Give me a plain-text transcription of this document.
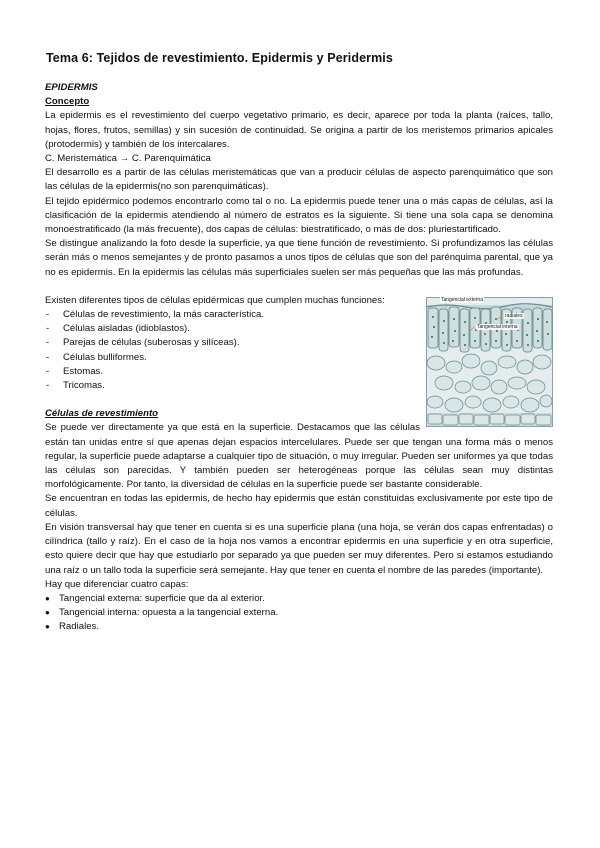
Tema 6: Tejidos de revestimiento. Epidermis y Peridermis

EPIDERMIS

Concepto

La epidermis es el revestimiento del cuerpo vegetativo primario, es decir, aparece por toda la planta (raíces, tallo, hojas, flores, frutos, semillas) y sin sucesión de continuidad. Se origina a partir de los meristemos primarios apicales (protodermis) y también de los intercalares.

C. Meristemática → C. Parenquimática

El desarrollo es a partir de las células meristemáticas que van a producir células de aspecto parenquimático que son las células de la epidermis(no son parenquimáticas).

El tejido epidérmico podemos encontrarlo como tal o no. La epidermis puede tener una o más capas de células, así la clasificación de la epidermis atendiendo al número de estratos es la siguiente. Si tiene una sola capa se denomina monoestratificado (la más frecuente), dos capas de células: biestratificado, o más de dos: pluriestartificado.

Se distingue analizando la foto desde la superficie, ya que tiene función de revestimiento. Si profundizamos las células serán más o menos semejantes y de pronto pasamos a unos tipos de células que son del parénquima parental, que ya no es epidermis. En la epidermis las células más superficiales suelen ser más pequeñas que las más profundas.

Tangencial externa
radiales
Tangencial interna

Existen diferentes tipos de células epidérmicas que cumplen muchas funciones:

- Células de revestimiento, la más característica.
- Células aisladas (idioblastos).
- Parejas de células (suberosas y silíceas).
- Células bulliformes.
- Estomas.
- Tricomas.

Células de revestimiento

Se puede ver directamente ya que está en la superficie. Destacamos que las células están tan unidas entre sí que apenas dejan espacios intercelulares. Puede ser que tengan una forma más o menos regular, la superficie puede adaptarse a cualquier tipo de situación, o muy irregular. Pueden ser uniformes ya que todas las células son parecidas. Y también pueden ser heterogéneas porque las células sean muy distintas morfológicamente. Por tanto, la diversidad de células en la superficie puede ser bastante considerable.

Se encuentran en todas las epidermis, de hecho hay epidermis que están constituidas exclusivamente por este tipo de células.

En visión transversal hay que tener en cuenta si es una superficie plana (una hoja, se verán dos capas enfrentadas) o cilíndrica (tallo y raíz). En el caso de la hoja nos vamos a encontrar epidermis en una superficie y en otra superficie, esto quiere decir que hay que estudiarlo por separado ya que pueden ser muy diferentes. Pero si estamos estudiando una raíz o un tallo toda la superficie será semejante. Hay que tener en cuenta el nombre de las paredes (importante).

Hay que diferenciar cuatro capas:

● Tangencial externa: superficie que da al exterior.
● Tangencial interna: opuesta a la tangencial externa.
● Radiales.
